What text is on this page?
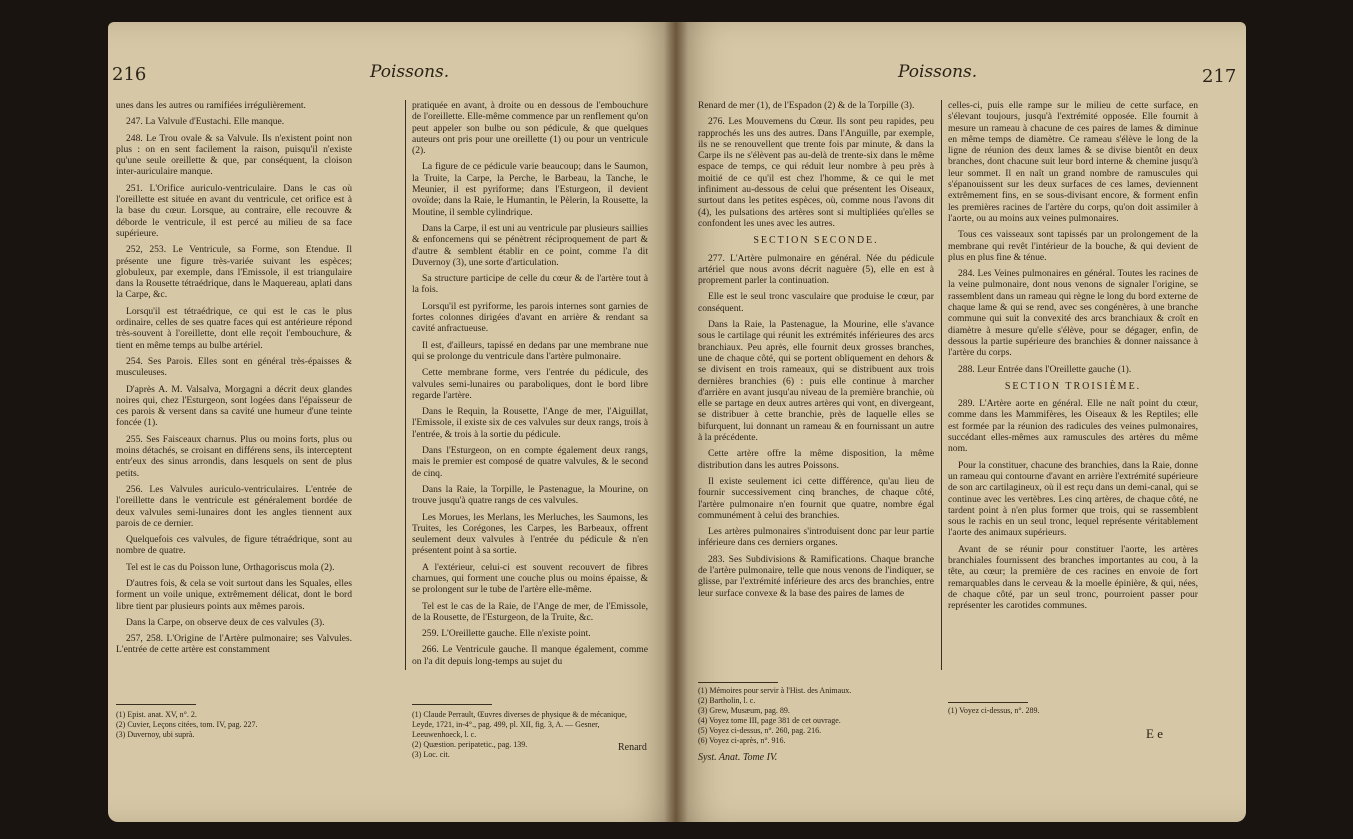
216	Poissons.

unes dans les autres ou ramifiées irrégulièrement.

247. La Valvule d'Eustachi. Elle manque.

248. Le Trou ovale & sa Valvule. Ils n'existent point non plus : on en sent facilement la raison, puisqu'il n'existe qu'une seule oreillette & que, par conséquent, la cloison inter-auriculaire manque.

251. L'Orifice auriculo-ventriculaire. Dans le cas où l'oreillette est située en avant du ventricule, cet orifice est à la base du cœur. Lorsque, au contraire, elle recouvre & déborde le ventricule, il est percé au milieu de sa face supérieure.

252, 253. Le Ventricule, sa Forme, son Etendue. Il présente une figure très-variée suivant les espèces; globuleux, par exemple, dans l'Emissole, il est triangulaire dans la Rousette tétraédrique, dans le Maquereau, aplati dans la Carpe, &c.

Lorsqu'il est tétraédrique, ce qui est le cas le plus ordinaire, celles de ses quatre faces qui est antérieure répond très-souvent à l'oreillette, dont elle reçoit l'embouchure, & tient en même temps au bulbe artériel.

254. Ses Parois. Elles sont en général très-épaisses & musculeuses.

D'après A. M. Valsalva, Morgagni a décrit deux glandes noires qui, chez l'Esturgeon, sont logées dans l'épaisseur de ces parois & versent dans sa cavité une humeur d'une teinte foncée (1).

255. Ses Faisceaux charnus. Plus ou moins forts, plus ou moins détachés, se croisant en différens sens, ils interceptent entr'eux des sinus arrondis, dans lesquels on sent de plus petits.

256. Les Valvules auriculo-ventriculaires. L'entrée de l'oreillette dans le ventricule est généralement bordée de deux valvules semi-lunaires dont les angles tiennent aux parois de ce dernier.

Quelquefois ces valvules, de figure tétraédrique, sont au nombre de quatre.

Tel est le cas du Poisson lune, Orthagoriscus mola (2).

D'autres fois, & cela se voit surtout dans les Squales, elles forment un voile unique, extrêmement délicat, dont le bord libre tient par plusieurs points aux mêmes parois.

Dans la Carpe, on observe deux de ces valvules (3).

257, 258. L'Origine de l'Artère pulmonaire; ses Valvules. L'entrée de cette artère est constamment

pratiquée en avant, à droite ou en dessous de l'embouchure de l'oreillette. Elle-même commence par un renflement qu'on peut appeler son bulbe ou son pédicule, & que quelques auteurs ont pris pour une oreillette (1) ou pour un ventricule (2).

La figure de ce pédicule varie beaucoup; dans le Saumon, la Truite, la Carpe, la Perche, le Barbeau, la Tanche, le Meunier, il est pyriforme; dans l'Esturgeon, il devient ovoïde; dans la Raie, le Humantin, le Pèlerin, la Rousette, la Moutine, il semble cylindrique.

Dans la Carpe, il est uni au ventricule par plusieurs saillies & enfoncemens qui se pénètrent réciproquement de part & d'autre & semblent établir en ce point, comme l'a dit Duvernoy (3), une sorte d'articulation.

Sa structure participe de celle du cœur & de l'artère tout à la fois.

Lorsqu'il est pyriforme, les parois internes sont garnies de fortes colonnes dirigées d'avant en arrière & rendant sa cavité anfractueuse.

Il est, d'ailleurs, tapissé en dedans par une membrane nue qui se prolonge du ventricule dans l'artère pulmonaire.

Cette membrane forme, vers l'entrée du pédicule, des valvules semi-lunaires ou paraboliques, dont le bord libre regarde l'artère.

Dans le Requin, la Rousette, l'Ange de mer, l'Aiguillat, l'Emissole, il existe six de ces valvules sur deux rangs, trois à l'entrée, & trois à la sortie du pédicule.

Dans l'Esturgeon, on en compte également deux rangs, mais le premier est composé de quatre valvules, & le second de cinq.

Dans la Raie, la Torpille, le Pastenague, la Mourine, on trouve jusqu'à quatre rangs de ces valvules.

Les Morues, les Merlans, les Merluches, les Saumons, les Truites, les Corégones, les Carpes, les Barbeaux, offrent seulement deux valvules à l'entrée du pédicule & n'en présentent point à sa sortie.

A l'extérieur, celui-ci est souvent recouvert de fibres charnues, qui forment une couche plus ou moins épaisse, & se prolongent sur le tube de l'artère elle-même.

Tel est le cas de la Raie, de l'Ange de mer, de l'Emissole, de la Rousette, de l'Esturgeon, de la Truite, &c.

259. L'Oreillette gauche. Elle n'existe point.

266. Le Ventricule gauche. Il manque également, comme on l'a dit depuis long-temps au sujet du

(1) Epist. anat. XV, n°. 2.
(2) Cuvier, Leçons citées, tom. IV, pag. 227.
(3) Duvernoy, ubi suprà.
(1) Claude Perrault, Œuvres diverses de physique & de mécanique, Leyde, 1721, in-4°., pag. 499, pl. XII, fig. 3, A. — Gesner, Leeuwenhoeck, l. c.
(2) Quæstion. peripatetic., pag. 139.
(3) Loc. cit.
Renard
Poissons.	217

Renard de mer (1), de l'Espadon (2) & de la Torpille (3).

276. Les Mouvemens du Cœur. Ils sont peu rapides, peu rapprochés les uns des autres. Dans l'Anguille, par exemple, ils ne se renouvellent que trente fois par minute, & dans la Carpe ils ne s'élèvent pas au-delà de trente-six dans le même espace de temps, ce qui réduit leur nombre à peu près à moitié de ce qu'il est chez l'homme, & ce qui le met infiniment au-dessous de celui que présentent les Oiseaux, surtout dans les petites espèces, où, comme nous l'avons dit (4), les pulsations des artères sont si multipliées qu'elles se confondent les unes avec les autres.

SECTION SECONDE.

277. L'Artère pulmonaire en général. Née du pédicule artériel que nous avons décrit naguère (5), elle en est à proprement parler la continuation.

Elle est le seul tronc vasculaire que produise le cœur, par conséquent.

Dans la Raie, la Pastenague, la Mourine, elle s'avance sous le cartilage qui réunit les extrémités inférieures des arcs branchiaux. Peu après, elle fournit deux grosses branches, une de chaque côté, qui se portent obliquement en dehors & se divisent en trois rameaux, qui se distribuent aux trois dernières branchies (6) : puis elle continue à marcher d'arrière en avant jusqu'au niveau de la première branchie, où elle se partage en deux autres artères qui vont, en divergeant, se distribuer à cette branchie, près de laquelle elles se bifurquent, lui donnant un rameau & en fournissant un autre à la précédente.

Cette artère offre la même disposition, la même distribution dans les autres Poissons.

Il existe seulement ici cette différence, qu'au lieu de fournir successivement cinq branches, de chaque côté, l'artère pulmonaire n'en fournit que quatre, nombre égal communément à celui des branchies.

Les artères pulmonaires s'introduisent donc par leur partie inférieure dans ces derniers organes.

283. Ses Subdivisions & Ramifications. Chaque branche de l'artère pulmonaire, telle que nous venons de l'indiquer, se glisse, par l'extrémité inférieure des arcs des branchies, entre leur surface convexe & la base des paires de lames de

celles-ci, puis elle rampe sur le milieu de cette surface, en s'élevant toujours, jusqu'à l'extrémité opposée. Elle fournit à mesure un rameau à chacune de ces paires de lames & diminue en même temps de diamètre. Ce rameau s'élève le long de la ligne de réunion des deux lames & se divise bientôt en deux branches, dont chacune suit leur bord interne & chemine jusqu'à leur sommet. Il en naît un grand nombre de ramuscules qui s'épanouissent sur les deux surfaces de ces lames, deviennent extrêmement fins, en se sous-divisant encore, & forment enfin les premières racines de l'artère du corps, qu'on doit assimiler à l'aorte, ou au moins aux veines pulmonaires.

Tous ces vaisseaux sont tapissés par un prolongement de la membrane qui revêt l'intérieur de la bouche, & qui devient de plus en plus fine & ténue.

284. Les Veines pulmonaires en général. Toutes les racines de la veine pulmonaire, dont nous venons de signaler l'origine, se rassemblent dans un rameau qui règne le long du bord externe de chaque lame & qui se rend, avec ses congénères, à une branche commune qui suit la convexité des arcs branchiaux & croît en diamètre à mesure qu'elle s'élève, pour se dégager, enfin, de dessous la partie supérieure des branchies & donner naissance à l'artère du corps.

288. Leur Entrée dans l'Oreillette gauche (1).

SECTION TROISIÈME.

289. L'Artère aorte en général. Elle ne naît point du cœur, comme dans les Mammifères, les Oiseaux & les Reptiles; elle est formée par la réunion des radicules des veines pulmonaires, succédant elles-mêmes aux ramuscules des artères du même nom.

Pour la constituer, chacune des branchies, dans la Raie, donne un rameau qui contourne d'avant en arrière l'extrémité supérieure de son arc cartilagineux, où il est reçu dans un demi-canal, qui se continue avec les vertèbres. Les cinq artères, de chaque côté, ne tardent point à n'en plus former que trois, qui se rassemblent sous le rachis en un seul tronc, lequel représente véritablement l'aorte des animaux supérieurs.

Avant de se réunir pour constituer l'aorte, les artères branchiales fournissent des branches importantes au cou, à la tête, au cœur; la première de ces racines en envoie de fort remarquables dans le cerveau & la moelle épinière, & qui, nées, de chaque côté, par un seul tronc, pourroient passer pour représenter les carotides communes.

(1) Mémoires pour servir à l'Hist. des Animaux.
(2) Bartholin, l. c.
(3) Grew, Musæum, pag. 89.
(4) Voyez tome III, page 381 de cet ouvrage.
(5) Voyez ci-dessus, n°. 260, pag. 216.
(6) Voyez ci-après, n°. 916.
Syst. Anat. Tome IV.
(1) Voyez ci-dessus, n°. 289.
E e
